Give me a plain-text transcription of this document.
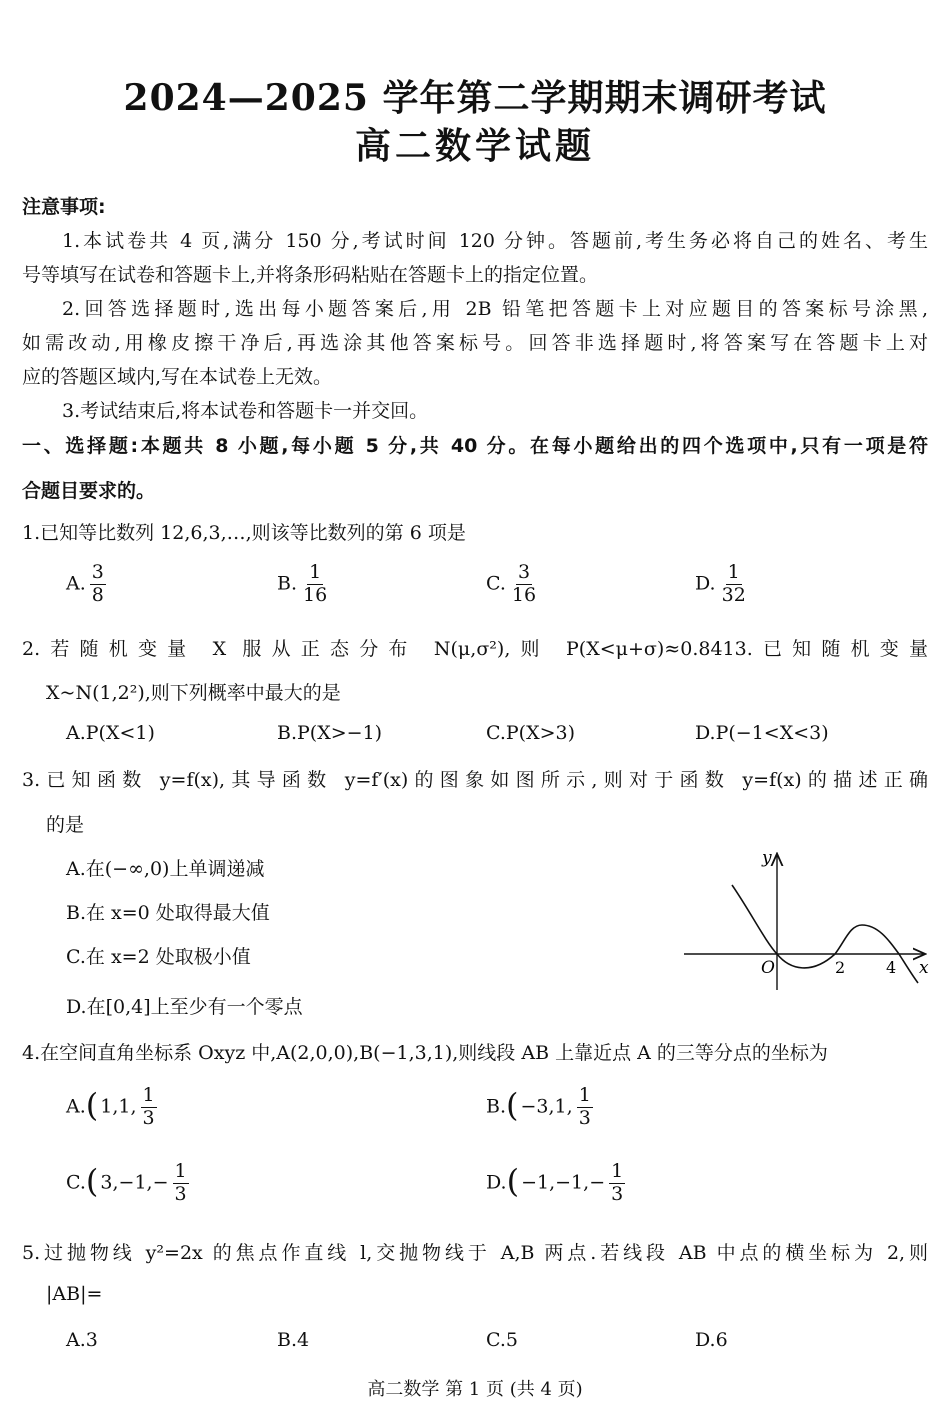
2024—2025 学年第二学期期末调研考试
高二数学试题
注意事项:
1.本试卷共 4 页,满分 150 分,考试时间 120 分钟。答题前,考生务必将自己的姓名、考生
号等填写在试卷和答题卡上,并将条形码粘贴在答题卡上的指定位置。
2.回答选择题时,选出每小题答案后,用 2B 铅笔把答题卡上对应题目的答案标号涂黑,
如需改动,用橡皮擦干净后,再选涂其他答案标号。回答非选择题时,将答案写在答题卡上对
应的答题区域内,写在本试卷上无效。
3.考试结束后,将本试卷和答题卡一并交回。
一、选择题:本题共 8 小题,每小题 5 分,共 40 分。在每小题给出的四个选项中,只有一项是符
合题目要求的。
1.已知等比数列 12,6,3,…,则该等比数列的第 6 项是
A. $\frac{3}{8}$	B. $\frac{1}{16}$	C. $\frac{3}{16}$	D. $\frac{1}{32}$
2.若随机变量 X 服从正态分布 N(μ,σ²),则 P(X<μ+σ)≈0.8413.已知随机变量
X~N(1,2²),则下列概率中最大的是
A.P(X<1)	B.P(X>−1)	C.P(X>3)	D.P(−1<X<3)
3.已知函数 y=f(x),其导函数 y=f′(x)的图象如图所示,则对于函数 y=f(x)的描述正确
的是
A.在(−∞,0)上单调递减
B.在 x=0 处取得最大值
C.在 x=2 处取极小值
D.在[0,4]上至少有一个零点
y
x
O	2	4
4.在空间直角坐标系 Oxyz 中,A(2,0,0),B(−1,3,1),则线段 AB 上靠近点 A 的三等分点的坐标为
A.( 1,1, $\frac{1}{3}$	B.( −3,1, $\frac{1}{3}$
C.( $3,-1,- \frac{1}{3}$	$D.( -1,-1,- \frac{1}{3}$
5.过抛物线 y²=2x 的焦点作直线 l,交抛物线于 A,B 两点.若线段 AB 中点的横坐标为 2,则
|AB|=
A.3	B.4	C.5	D.6
高二数学 第 1 页 (共 4 页)
